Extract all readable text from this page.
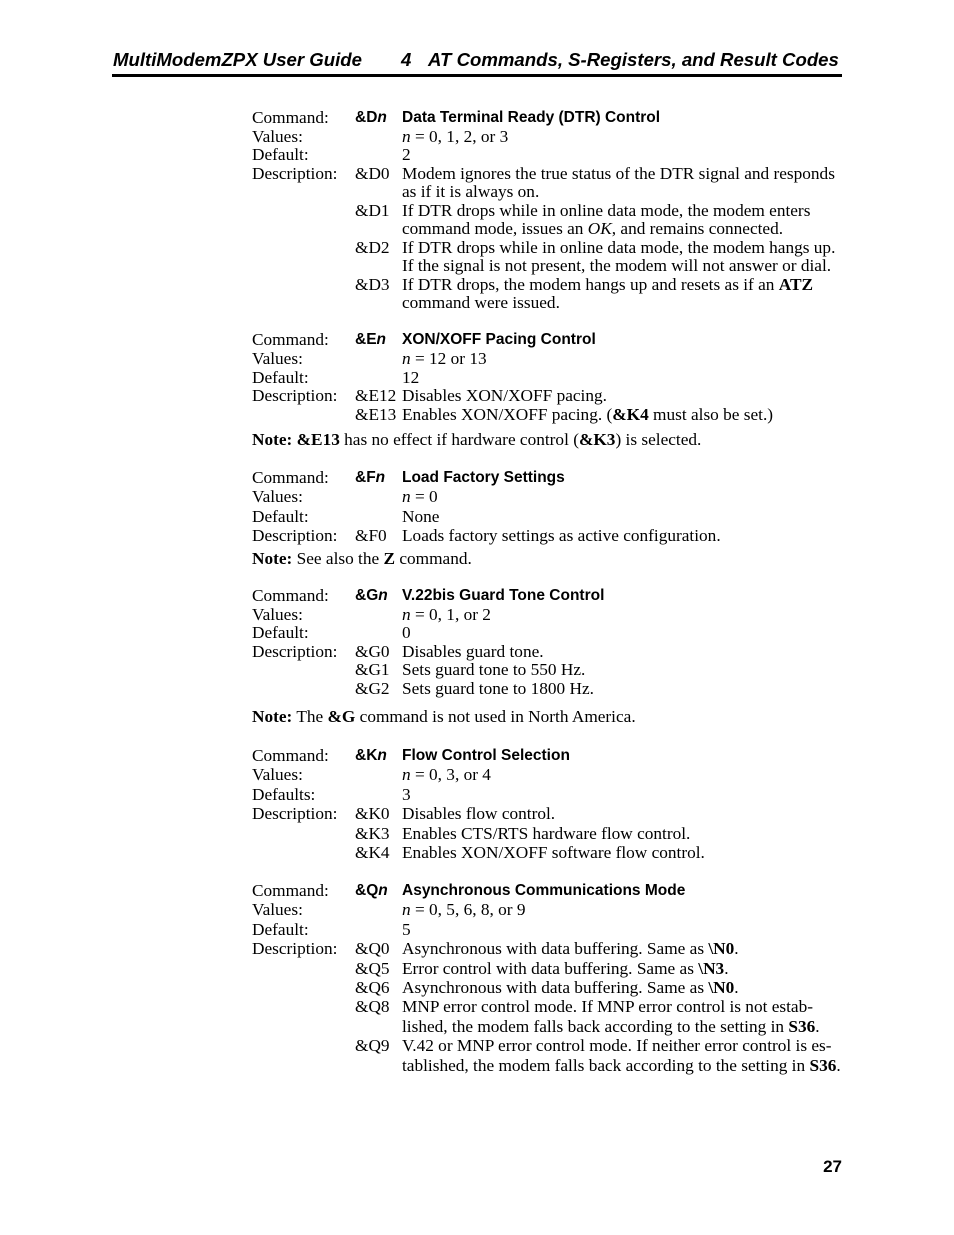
MultiModemZPX User Guide 4 AT Commands, S-Registers, and Result Codes
Command: &Dn Data Terminal Ready (DTR) Control
Values:	n = 0, 1, 2, or 3
Default:	2
Description: &D0 Modem ignores the true status of the DTR signal and responds
as if it is always on.
&D1 If DTR drops while in online data mode, the modem enters
command mode, issues an OK, and remains connected.
&D2 If DTR drops while in online data mode, the modem hangs up.
If the signal is not present, the modem will not answer or dial.
&D3 If DTR drops, the modem hangs up and resets as if an ATZ
command were issued.
Command: &En XON/XOFF Pacing Control
Values:	n = 12 or 13
Default:	12
Description: &E12 Disables XON/XOFF pacing.
&E13 Enables XON/XOFF pacing. (&K4 must also be set.)

Note: &E13 has no effect if hardware control (&K3) is selected.

Command: &Fn Load Factory Settings
Values:	n = 0
Default:	None
Description: &F0 Loads factory settings as active configuration.

Note: See also the Z command.

Command: &Gn V.22bis Guard Tone Control
Values:	n = 0, 1, or 2
Default:	0
Description: &G0 Disables guard tone.
&G1 Sets guard tone to 550 Hz.
&G2 Sets guard tone to 1800 Hz.

Note: The &G command is not used in North America.

Command: &Kn Flow Control Selection
Values:	n = 0, 3, or 4
Defaults:	3
Description: &K0 Disables flow control.
&K3 Enables CTS/RTS hardware flow control.
&K4 Enables XON/XOFF software flow control.
Command: &Qn Asynchronous Communications Mode
Values:	n = 0, 5, 6, 8, or 9
Default:	5
Description: &Q0 Asynchronous with data buffering. Same as \N0.
&Q5 Error control with data buffering. Same as \N3.
&Q6 Asynchronous with data buffering. Same as \N0.
&Q8 MNP error control mode. If MNP error control is not estab-
lished, the modem falls back according to the setting in S36.
&Q9 V.42 or MNP error control mode. If neither error control is es-
tablished, the modem falls back according to the setting in S36.
27
